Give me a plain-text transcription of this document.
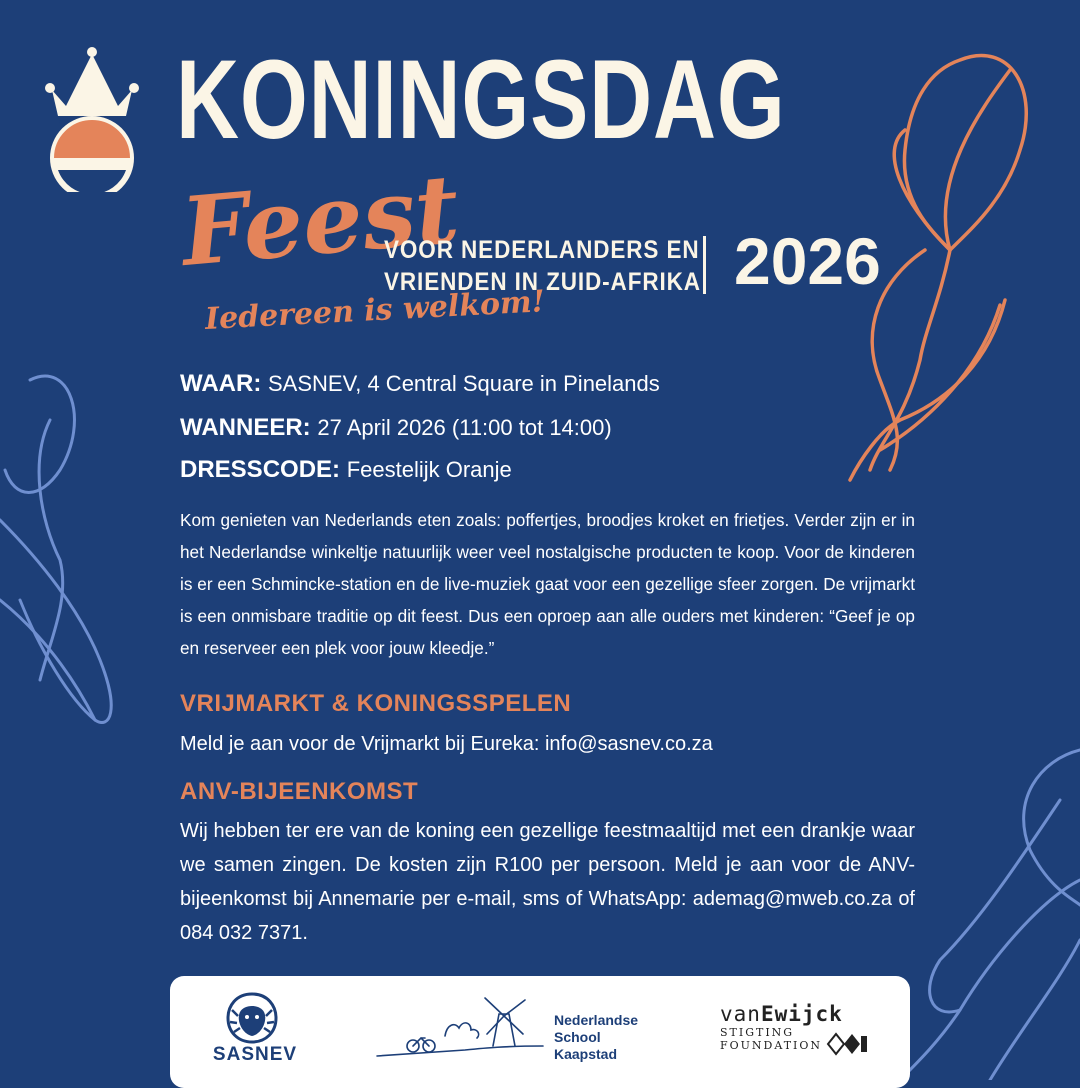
KONINGSDAG
Feest
Iedereen is welkom!
VOOR NEDERLANDERS EN
VRIENDEN IN ZUID-AFRIKA 2026
WAAR: SASNEV, 4 Central Square in Pinelands
WANNEER: 27 April 2026 (11:00 tot 14:00)
DRESSCODE: Feestelijk Oranje
Kom genieten van Nederlands eten zoals: poffertjes, broodjes kroket en frietjes. Verder zijn er in het Nederlandse winkeltje natuurlijk weer veel nostalgische producten te koop. Voor de kinderen is er een Schmincke-station en de live-muziek gaat voor een gezellige sfeer zorgen. De vrijmarkt is een onmisbare traditie op dit feest. Dus een oproep aan alle ouders met kinderen: “Geef je op en reserveer een plek voor jouw kleedje.”
VRIJMARKT & KONINGSSPELEN
Meld je aan voor de Vrijmarkt bij Eureka: info@sasnev.co.za
ANV-BIJEENKOMST
Wij hebben ter ere van de koning een gezellige feestmaaltijd met een drankje waar we samen zingen. De kosten zijn R100 per persoon. Meld je aan voor de ANV-bijeenkomst bij Annemarie per e-mail, sms of WhatsApp: ademag@mweb.co.za of 084 032 7371.
SASNEV
Nederlandse
School
Kaapstad
vanEwijck
STIGTING
FOUNDATION
